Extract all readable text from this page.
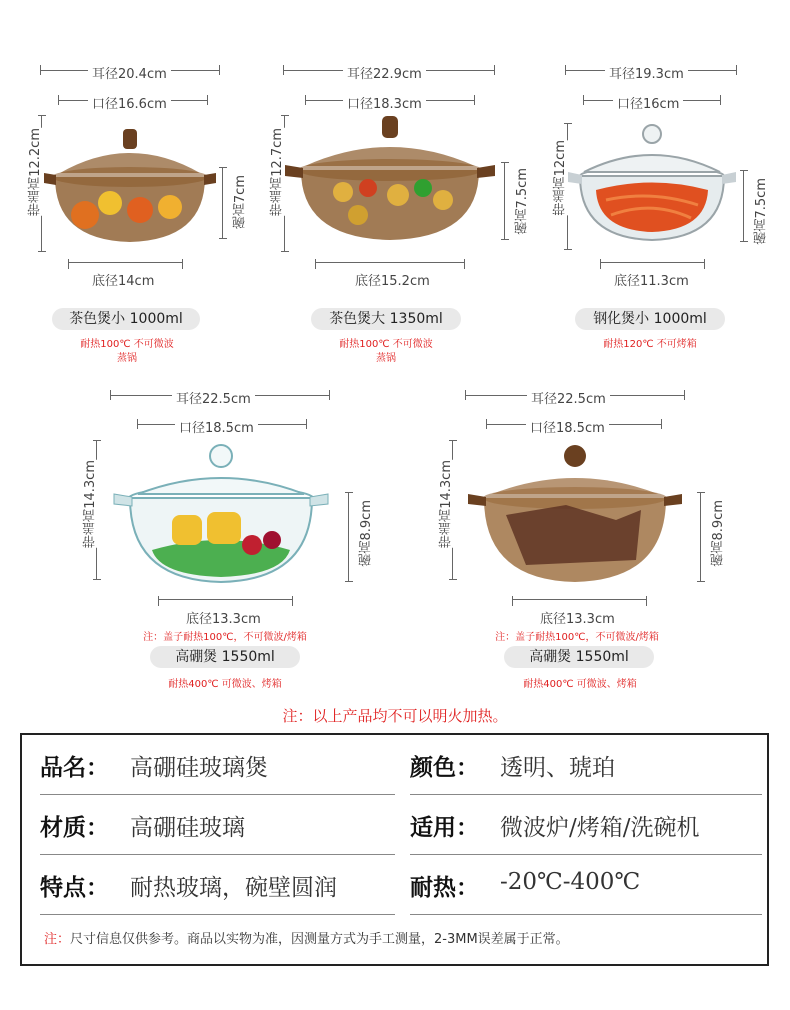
耳径20.4cm
口径16.6cm
带盖高12.2cm	碗高7cm
底径14cm
茶色煲小 1000ml
耐热100℃ 不可微波
蒸锅
耳径22.9cm
口径18.3cm
带盖高12.7cm	碗高7.5cm
底径15.2cm
茶色煲大 1350ml
耐热100℃ 不可微波
蒸锅
耳径19.3cm
口径16cm
带盖高12cm	碗高7.5cm
底径11.3cm
钢化煲小 1000ml
耐热120℃ 不可烤箱
耳径22.5cm
口径18.5cm
带盖高14.3cm	碗高8.9cm
底径13.3cm
注：盖子耐热100℃，不可微波/烤箱
高硼煲 1550ml
耐热400℃ 可微波、烤箱
耳径22.5cm
口径18.5cm
带盖高14.3cm	碗高8.9cm
底径13.3cm
注：盖子耐热100℃，不可微波/烤箱
高硼煲 1550ml
耐热400℃ 可微波、烤箱
注：以上产品均不可以明火加热。
品名： 高硼硅玻璃煲	颜色： 透明、琥珀
材质： 高硼硅玻璃	适用： 微波炉/烤箱/洗碗机
特点： 耐热玻璃，碗壁圆润	耐热： -20℃-400℃
注：尺寸信息仅供参考。商品以实物为准，因测量方式为手工测量，2-3MM误差属于正常。
